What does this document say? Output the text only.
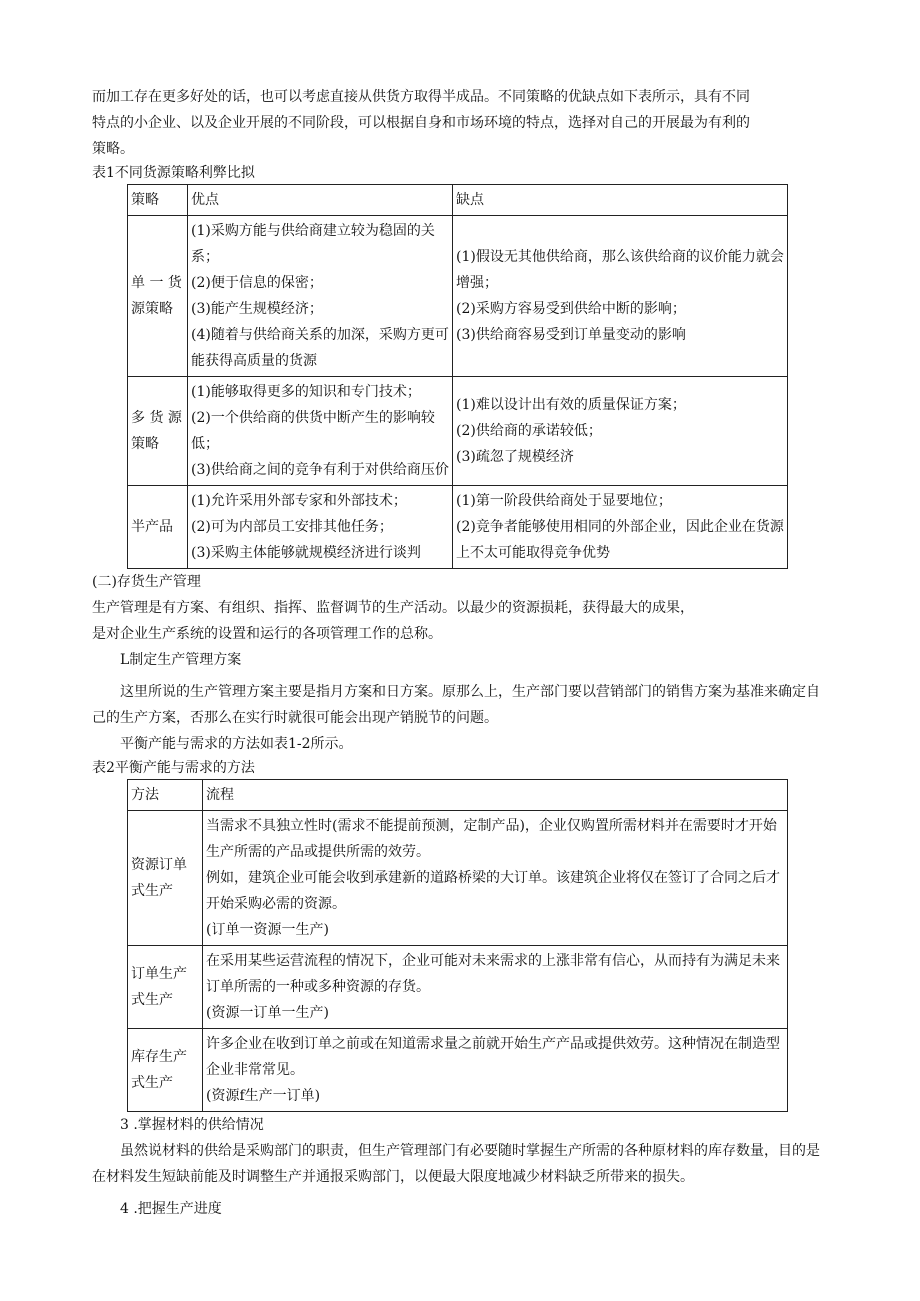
而加工存在更多好处的话，也可以考虑直接从供货方取得半成品。不同策略的优缺点如下表所示，具有不同

特点的小企业、以及企业开展的不同阶段，可以根据自身和市场环境的特点，选择对自己的开展最为有利的

策略。

表1不同货源策略利弊比拟

策略	优点	缺点
单 一 货源策略	(1)采购方能与供给商建立较为稳固的关系；
(2)便于信息的保密；
(3)能产生规模经济；
(4)随着与供给商关系的加深，采购方更可能获得高质量的货源	(1)假设无其他供给商，那么该供给商的议价能力就会增强；
(2)采购方容易受到供给中断的影响；
(3)供给商容易受到订单量变动的影响

多 货 源策略	(1)能够取得更多的知识和专门技术；
(2)一个供给商的供货中断产生的影响较低；
(3)供给商之间的竞争有利于对供给商压价	(1)难以设计出有效的质量保证方案；
(2)供给商的承诺较低；
(3)疏忽了规模经济

半产品	(1)允许采用外部专家和外部技术；
(2)可为内部员工安排其他任务；
(3)采购主体能够就规模经济进行谈判	(1)第一阶段供给商处于显要地位；
(2)竞争者能够使用相同的外部企业，因此企业在货源上不太可能取得竞争优势

(二)存货生产管理

生产管理是有方案、有组织、指挥、监督调节的生产活动。以最少的资源损耗，获得最大的成果，

是对企业生产系统的设置和运行的各项管理工作的总称。

L制定生产管理方案

这里所说的生产管理方案主要是指月方案和日方案。原那么上，生产部门要以营销部门的销售方案为基准来确定自己的生产方案，否那么在实行时就很可能会出现产销脱节的问题。

平衡产能与需求的方法如表1-2所示。

表2平衡产能与需求的方法

方法	流程
资源订单式生产	当需求不具独立性时(需求不能提前预测，定制产品)，企业仅购置所需材料并在需要时才开始生产所需的产品或提供所需的效劳。
例如，建筑企业可能会收到承建新的道路桥梁的大订单。该建筑企业将仅在签订了合同之后才开始采购必需的资源。
(订单一资源一生产)

订单生产式生产	在采用某些运营流程的情况下，企业可能对未来需求的上涨非常有信心，从而持有为满足未来订单所需的一种或多种资源的存货。
(资源一订单一生产)

库存生产式生产	许多企业在收到订单之前或在知道需求量之前就开始生产产品或提供效劳。这种情况在制造型企业非常常见。
(资源f生产一订单)

3 .掌握材料的供给情况

虽然说材料的供给是采购部门的职责，但生产管理部门有必要随时掌握生产所需的各种原材料的库存数量，目的是在材料发生短缺前能及时调整生产并通报采购部门，以便最大限度地减少材料缺乏所带来的损失。

4 .把握生产进度
